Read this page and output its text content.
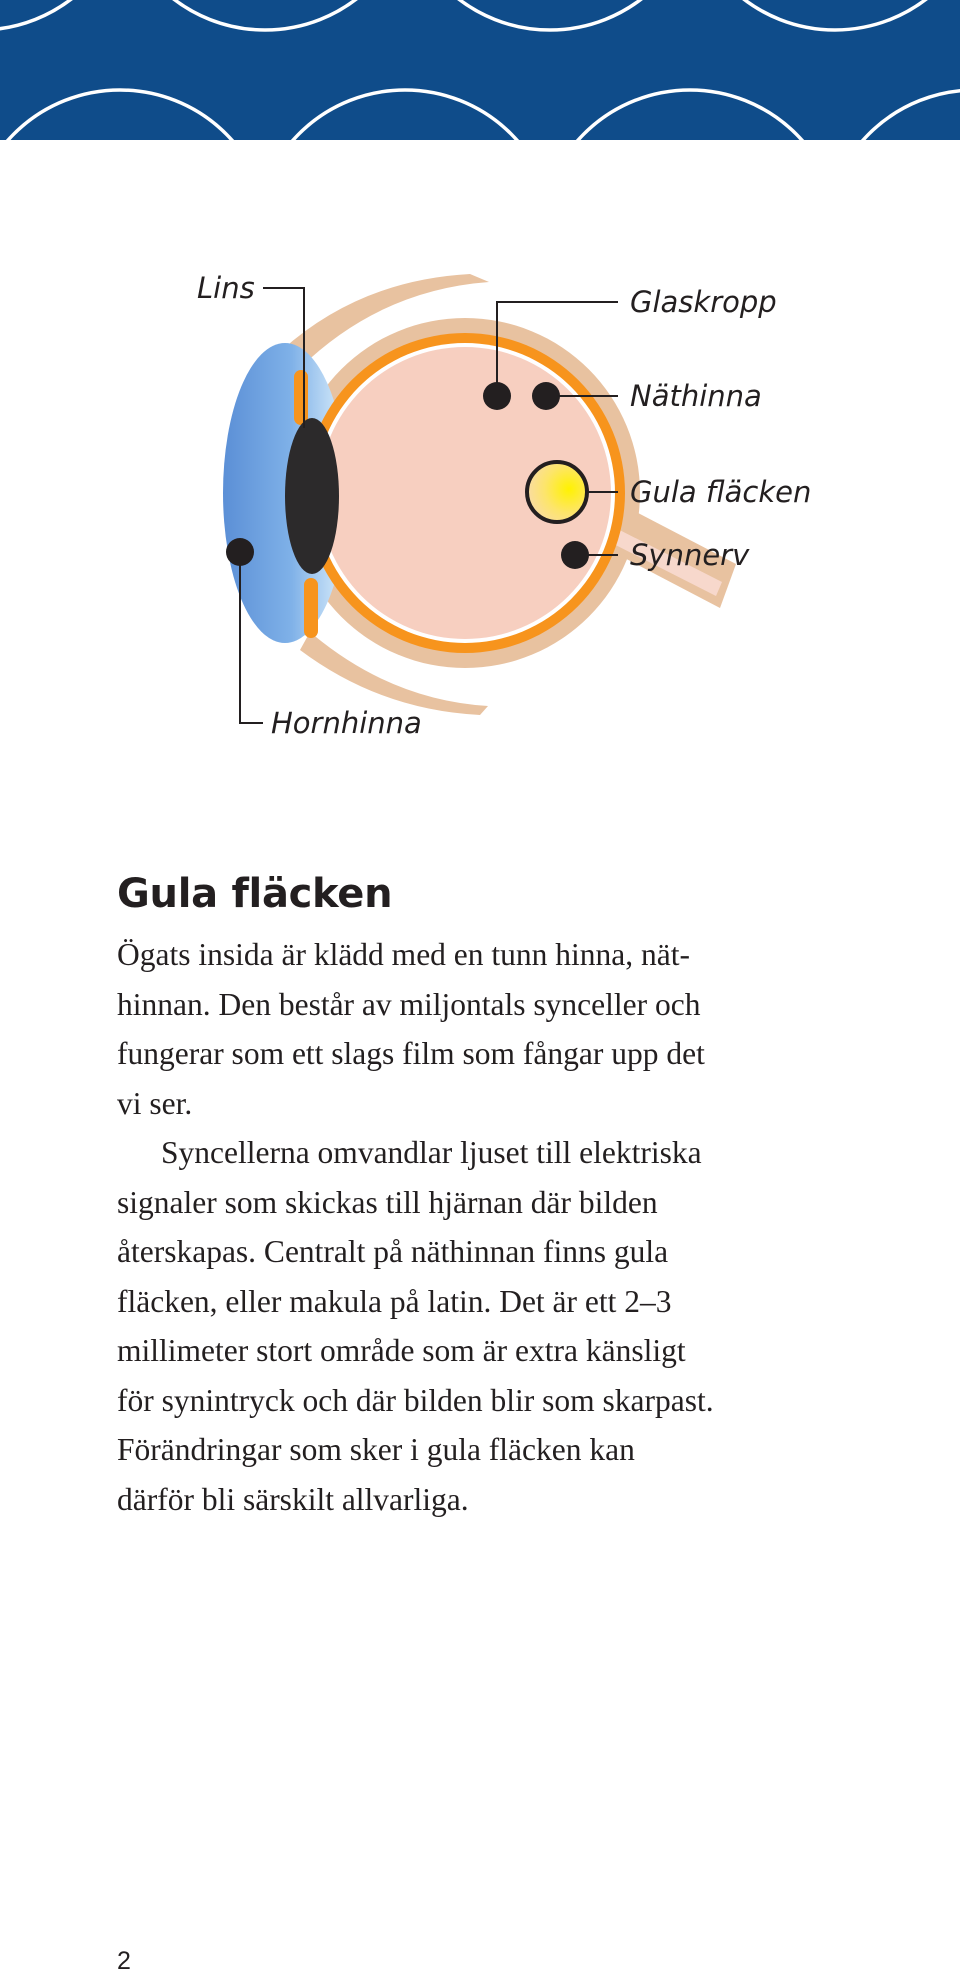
Lins	Glaskropp
Näthinna
Gula fläcken
Synnerv
Hornhinna
Gula fläcken

Ögats insida är klädd med en tunn hinna, nät-
hinnan. Den består av miljontals synceller och
fungerar som ett slags film som fångar upp det
vi ser.

Syncellerna omvandlar ljuset till elektriska
signaler som skickas till hjärnan där bilden
återskapas. Centralt på näthinnan finns gula
fläcken, eller makula på latin. Det är ett 2–3
millimeter stort område som är extra känsligt
för synintryck och där bilden blir som skarpast.
Förändringar som sker i gula fläcken kan
därför bli särskilt allvarliga.

2
